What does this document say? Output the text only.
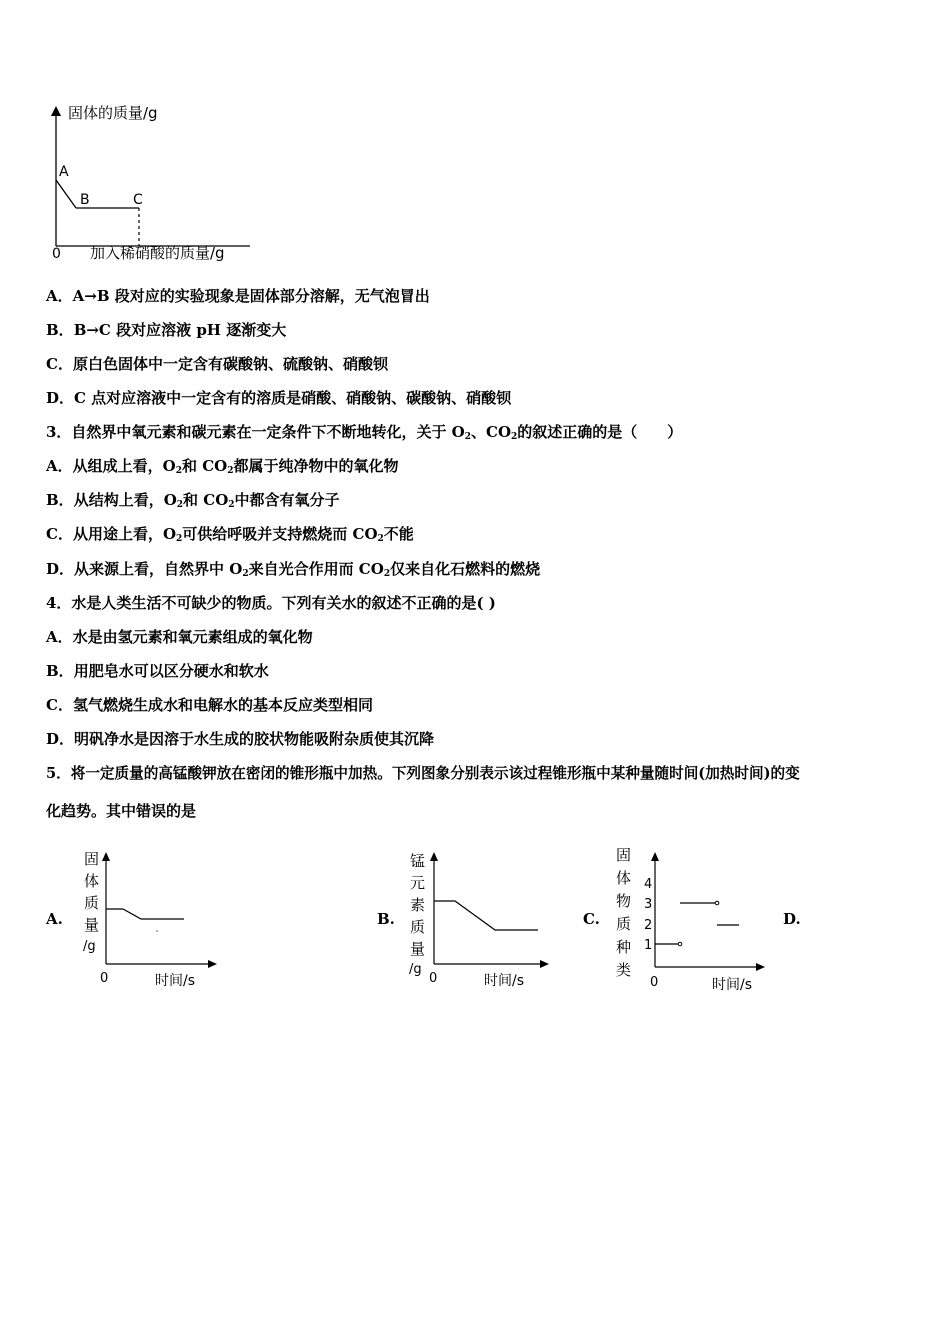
固体的质量/g
0 加入稀硝酸的质量/g
A
B	C
A．A→B 段对应的实验现象是固体部分溶解，无气泡冒出
B．B→C 段对应溶液 pH 逐渐变大
C．原白色固体中一定含有碳酸钠、硫酸钠、硝酸钡
D．C 点对应溶液中一定含有的溶质是硝酸、硝酸钠、碳酸钠、硝酸钡
3．自然界中氧元素和碳元素在一定条件下不断地转化，关于 $O_2$、$CO_2$的叙述正确的是（　　）
A．从组成上看，$O_2$和 $CO_2$都属于纯净物中的氧化物
B．从结构上看，$O_2$和 $CO_2$中都含有氧分子
C．从用途上看，$O_2$可供给呼吸并支持燃烧而 $CO_2$不能
D．从来源上看，自然界中 $O_2$来自光合作用而 $CO_2$仅来自化石燃料的燃烧
4．水是人类生活不可缺少的物质。下列有关水的叙述不正确的是( )
A．水是由氢元素和氧元素组成的氧化物
B．用肥皂水可以区分硬水和软水
C．氢气燃烧生成水和电解水的基本反应类型相同
D．明矾净水是因溶于水生成的胶状物能吸附杂质使其沉降
5．将一定质量的高锰酸钾放在密闭的锥形瓶中加热。下列图象分别表示该过程锥形瓶中某种量随时间(加热时间)的变
化趋势。其中错误的是
A.	B.	C.	D.
固
体
质
量
/g
0	时间/s
锰
元
素
质
量
/g
0	时间/s
固
体
物
质
种
类
4
3
2
1
0	时间/s
